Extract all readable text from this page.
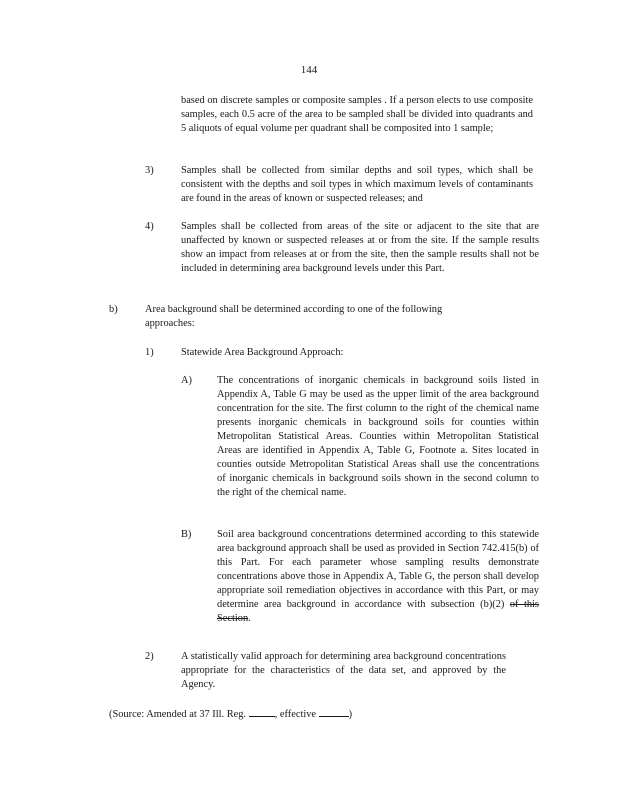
144
based on discrete samples or composite samples . If a person elects to use composite samples, each 0.5 acre of the area to be sampled shall be divided into quadrants and 5 aliquots of equal volume per quadrant shall be composited into 1 sample;
3)	Samples shall be collected from similar depths and soil types, which shall be consistent with the depths and soil types in which maximum levels of contaminants are found in the areas of known or suspected releases; and
4)	Samples shall be collected from areas of the site or adjacent to the site that are unaffected by known or suspected releases at or from the site. If the sample results show an impact from releases at or from the site, then the sample results shall not be included in determining area background levels under this Part.
b)	Area background shall be determined according to one of the following approaches:
1)	Statewide Area Background Approach:
A) The concentrations of inorganic chemicals in background soils listed in Appendix A, Table G may be used as the upper limit of the area background concentration for the site. The first column to the right of the chemical name presents inorganic chemicals in background soils for counties within Metropolitan Statistical Areas. Counties within Metropolitan Statistical Areas are identified in Appendix A, Table G, Footnote a. Sites located in counties outside Metropolitan Statistical Areas shall use the concentrations of inorganic chemicals in background soils shown in the second column to the right of the chemical name.
B) Soil area background concentrations determined according to this statewide area background approach shall be used as provided in Section 742.415(b) of this Part. For each parameter whose sampling results demonstrate concentrations above those in Appendix A, Table G, the person shall develop appropriate soil remediation objectives in accordance with this Part, or may determine area background in accordance with subsection (b)(2) of this Section.
2)	A statistically valid approach for determining area background concentrations appropriate for the characteristics of the data set, and approved by the Agency.
(Source: Amended at 37 Ill. Reg.	, effective	)
